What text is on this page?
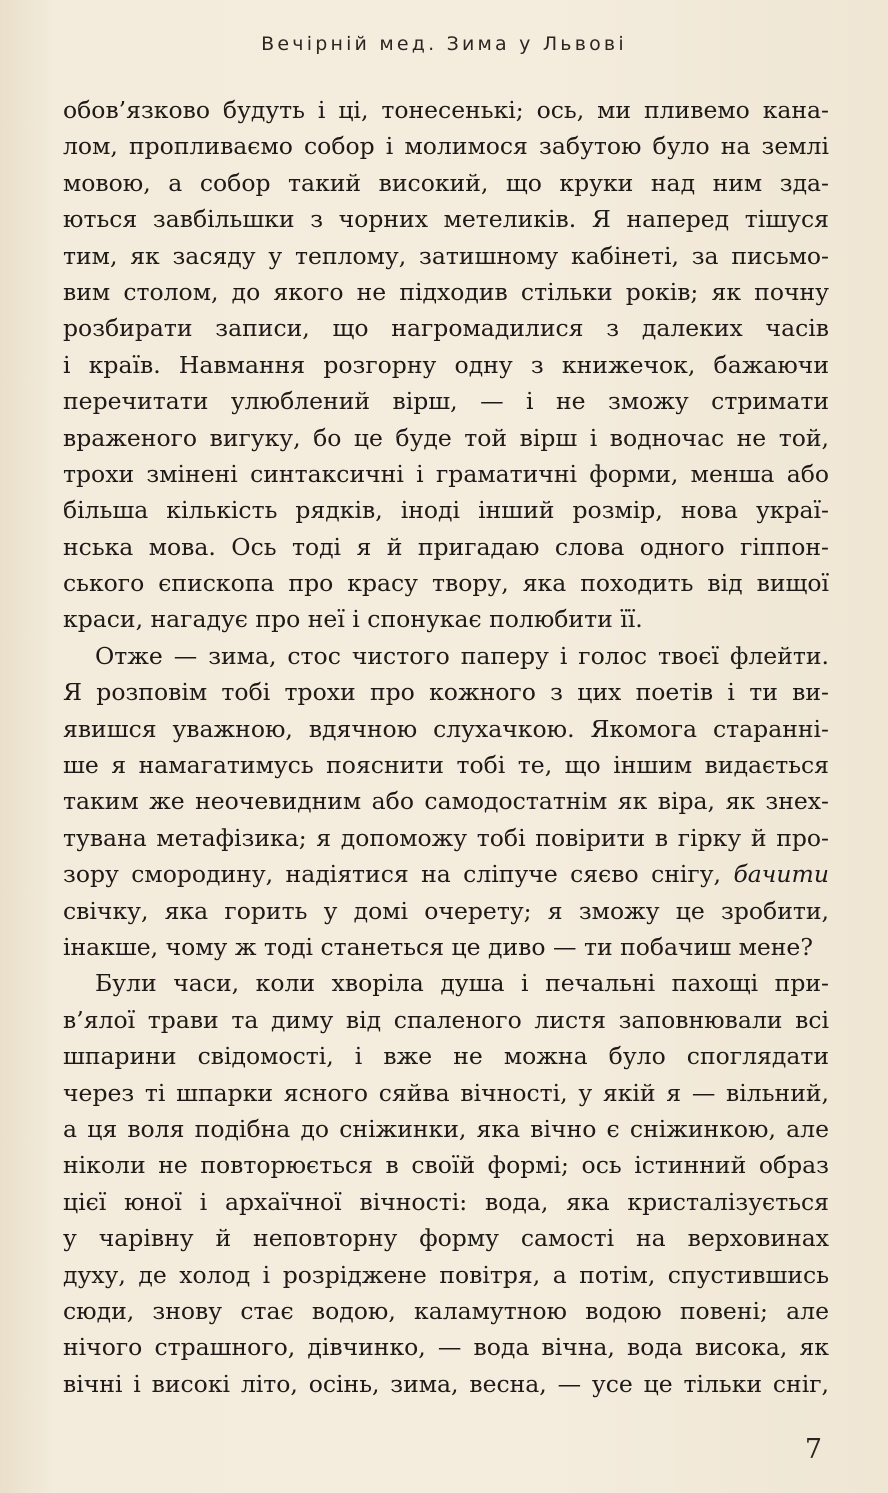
Вечірній мед. Зима у Львові
обов’язково будуть і ці, тонесенькі; ось, ми пливемо кана-
лом, пропливаємо собор і молимося забутою було на землі
мовою, а собор такий високий, що круки над ним зда-
ються завбільшки з чорних метеликів. Я наперед тішуся
тим, як засяду у теплому, затишному кабінеті, за письмо-
вим столом, до якого не підходив стільки років; як почну
розбирати записи, що нагромадилися з далеких часів
і країв. Навмання розгорну одну з книжечок, бажаючи
перечитати улюблений вірш, — і не зможу стримати
враженого вигуку, бо це буде той вірш і водночас не той,
трохи змінені синтаксичні і граматичні форми, менша або
більша кількість рядків, іноді інший розмір, нова украї-
нська мова. Ось тоді я й пригадаю слова одного гіппон-
ського єпископа про красу твору, яка походить від вищої
краси, нагадує про неї і спонукає полюбити її.
Отже — зима, стос чистого паперу і голос твоєї флейти.
Я розповім тобі трохи про кожного з цих поетів і ти ви-
явишся уважною, вдячною слухачкою. Якомога старанні-
ше я намагатимусь пояснити тобі те, що іншим видається
таким же неочевидним або самодостатнім як віра, як знех-
тувана метафізика; я допоможу тобі повірити в гірку й про-
зору смородину, надіятися на сліпуче сяєво снігу, бачити
свічку, яка горить у домі очерету; я зможу це зробити,
інакше, чому ж тоді станеться це диво — ти побачиш мене?
Були часи, коли хворіла душа і печальні пахощі при-
в’ялої трави та диму від спаленого листя заповнювали всі
шпарини свідомості, і вже не можна було споглядати
через ті шпарки ясного сяйва вічності, у якій я — вільний,
а ця воля подібна до сніжинки, яка вічно є сніжинкою, але
ніколи не повторюється в своїй формі; ось істинний образ
цієї юної і архаїчної вічності: вода, яка кристалізується
у чарівну й неповторну форму самості на верховинах
духу, де холод і розріджене повітря, а потім, спустившись
сюди, знову стає водою, каламутною водою повені; але
нічого страшного, дівчинко, — вода вічна, вода висока, як
вічні і високі літо, осінь, зима, весна, — усе це тільки сніг,
7
